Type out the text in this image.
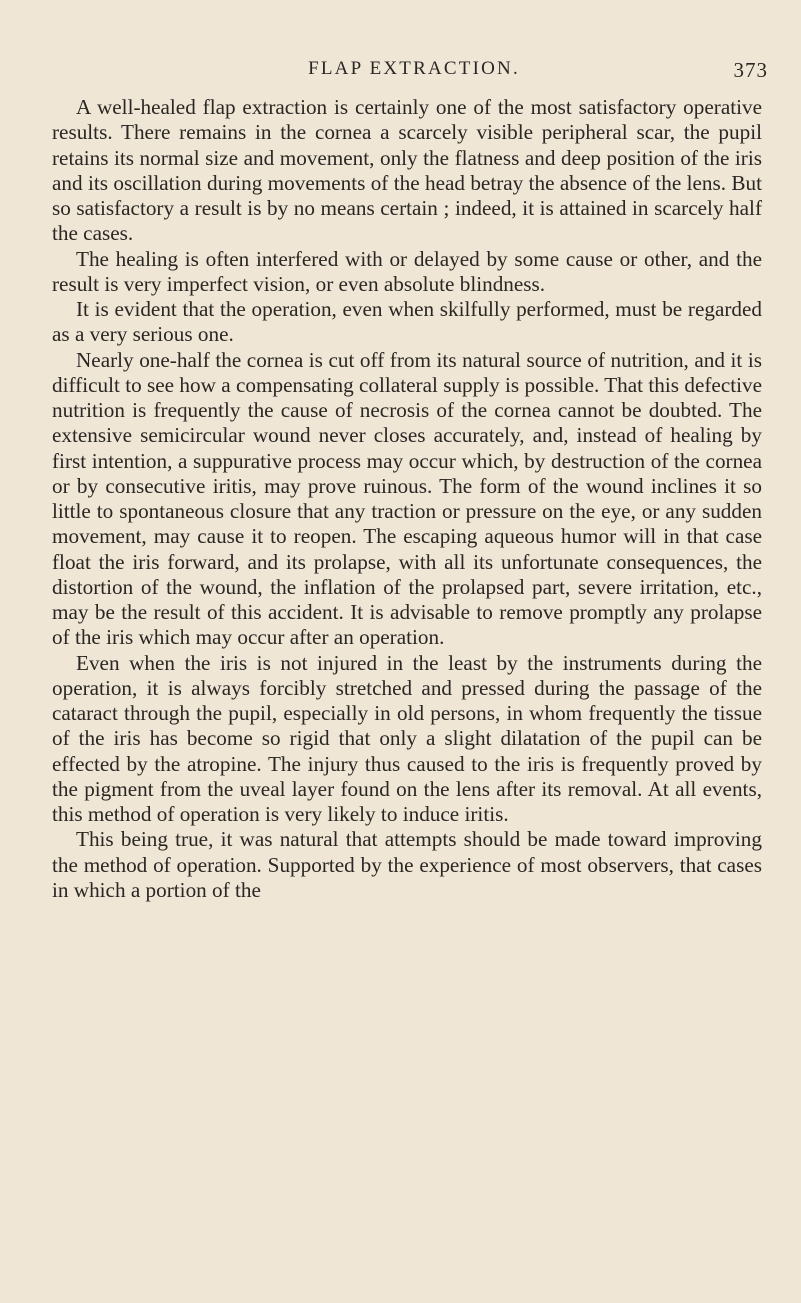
FLAP EXTRACTION.	373

A well-healed flap extraction is certainly one of the most satisfactory operative results. There remains in the cornea a scarcely visible peripheral scar, the pupil retains its normal size and movement, only the flatness and deep position of the iris and its oscillation during movements of the head betray the absence of the lens. But so satisfactory a result is by no means certain ; indeed, it is attained in scarcely half the cases.

The healing is often interfered with or delayed by some cause or other, and the result is very imperfect vision, or even absolute blindness.

It is evident that the operation, even when skilfully performed, must be regarded as a very serious one.

Nearly one-half the cornea is cut off from its natural source of nutrition, and it is difficult to see how a compensating collateral supply is possible. That this defective nutrition is frequently the cause of necrosis of the cornea cannot be doubted. The extensive semicircular wound never closes accurately, and, instead of healing by first intention, a suppurative process may occur which, by destruction of the cornea or by consecutive iritis, may prove ruinous. The form of the wound inclines it so little to spontaneous closure that any traction or pressure on the eye, or any sudden movement, may cause it to reopen. The escaping aqueous humor will in that case float the iris forward, and its prolapse, with all its unfortunate consequences, the distortion of the wound, the inflation of the prolapsed part, severe irritation, etc., may be the result of this accident. It is advisable to remove promptly any prolapse of the iris which may occur after an operation.

Even when the iris is not injured in the least by the instruments during the operation, it is always forcibly stretched and pressed during the passage of the cataract through the pupil, especially in old persons, in whom frequently the tissue of the iris has become so rigid that only a slight dilatation of the pupil can be effected by the atropine. The injury thus caused to the iris is frequently proved by the pigment from the uveal layer found on the lens after its removal. At all events, this method of operation is very likely to induce iritis.

This being true, it was natural that attempts should be made toward improving the method of operation. Supported by the experience of most observers, that cases in which a portion of the
